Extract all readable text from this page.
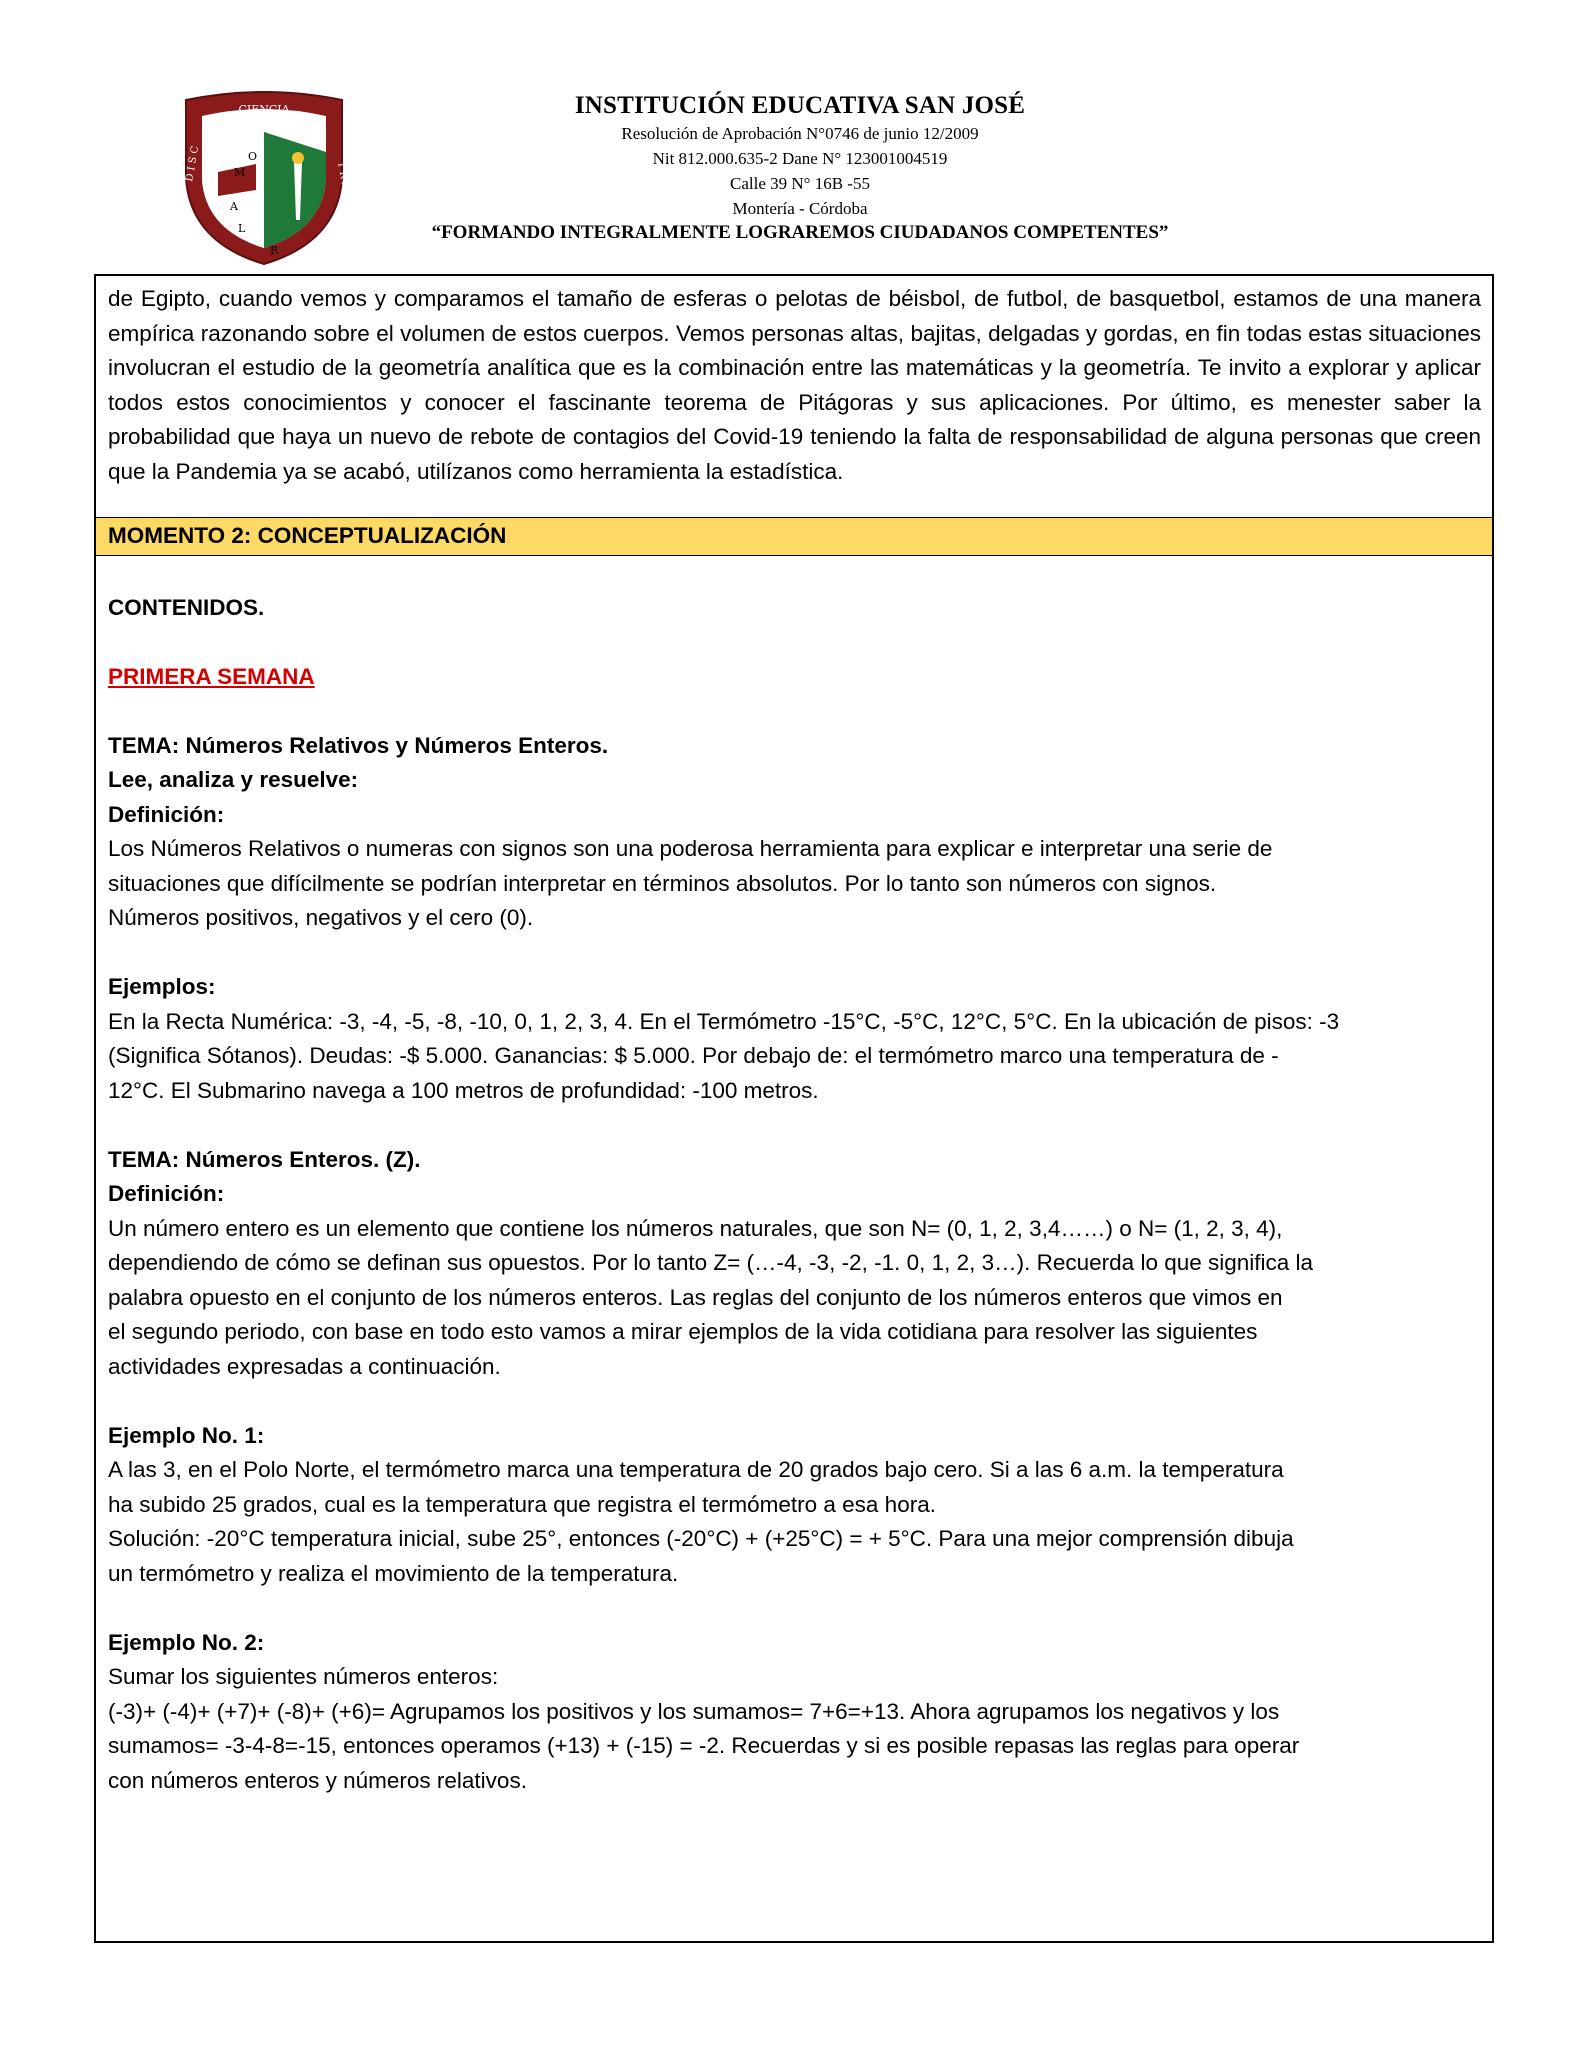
CIENCIA
D I S C	T R A B
O
M
A
L
R
INSTITUCIÓN EDUCATIVA SAN JOSÉ
Resolución de Aprobación N°0746 de junio 12/2009
Nit 812.000.635-2 Dane N° 123001004519
Calle 39 N° 16B -55
Montería - Córdoba
“FORMANDO INTEGRALMENTE LOGRAREMOS CIUDADANOS COMPETENTES”

de Egipto, cuando vemos y comparamos el tamaño de esferas o pelotas de béisbol, de futbol, de basquetbol, estamos de una manera empírica razonando sobre el volumen de estos cuerpos. Vemos personas altas, bajitas, delgadas y gordas, en fin todas estas situaciones involucran el estudio de la geometría analítica que es la combinación entre las matemáticas y la geometría. Te invito a explorar y aplicar todos estos conocimientos y conocer el fascinante teorema de Pitágoras y sus aplicaciones. Por último, es menester saber la probabilidad que haya un nuevo de rebote de contagios del Covid-19 teniendo la falta de responsabilidad de alguna personas que creen que la Pandemia ya se acabó, utilízanos como herramienta la estadística.

MOMENTO 2: CONCEPTUALIZACIÓN

CONTENIDOS.

PRIMERA SEMANA

TEMA: Números Relativos y Números Enteros.

Lee, analiza y resuelve:

Definición:

Los Números Relativos o numeras con signos son una poderosa herramienta para explicar e interpretar una serie de

situaciones que difícilmente se podrían interpretar en términos absolutos. Por lo tanto son números con signos.

Números positivos, negativos y el cero (0).

Ejemplos:

En la Recta Numérica: -3, -4, -5, -8, -10, 0, 1, 2, 3, 4. En el Termómetro -15°C, -5°C, 12°C, 5°C. En la ubicación de pisos: -3

(Significa Sótanos). Deudas: -$ 5.000. Ganancias: $ 5.000. Por debajo de: el termómetro marco una temperatura de -

12°C. El Submarino navega a 100 metros de profundidad: -100 metros.

TEMA: Números Enteros. (Z).

Definición:

Un número entero es un elemento que contiene los números naturales, que son N= (0, 1, 2, 3,4……) o N= (1, 2, 3, 4),

dependiendo de cómo se definan sus opuestos. Por lo tanto Z= (…-4, -3, -2, -1. 0, 1, 2, 3…). Recuerda lo que significa la

palabra opuesto en el conjunto de los números enteros. Las reglas del conjunto de los números enteros que vimos en

el segundo periodo, con base en todo esto vamos a mirar ejemplos de la vida cotidiana para resolver las siguientes

actividades expresadas a continuación.

Ejemplo No. 1:

A las 3, en el Polo Norte, el termómetro marca una temperatura de 20 grados bajo cero. Si a las 6 a.m. la temperatura

ha subido 25 grados, cual es la temperatura que registra el termómetro a esa hora.

Solución: -20°C temperatura inicial, sube 25°, entonces (-20°C) + (+25°C) = + 5°C. Para una mejor comprensión dibuja

un termómetro y realiza el movimiento de la temperatura.

Ejemplo No. 2:

Sumar los siguientes números enteros:

(-3)+ (-4)+ (+7)+ (-8)+ (+6)= Agrupamos los positivos y los sumamos= 7+6=+13. Ahora agrupamos los negativos y los

sumamos= -3-4-8=-15, entonces operamos (+13) + (-15) = -2. Recuerdas y si es posible repasas las reglas para operar

con números enteros y números relativos.
